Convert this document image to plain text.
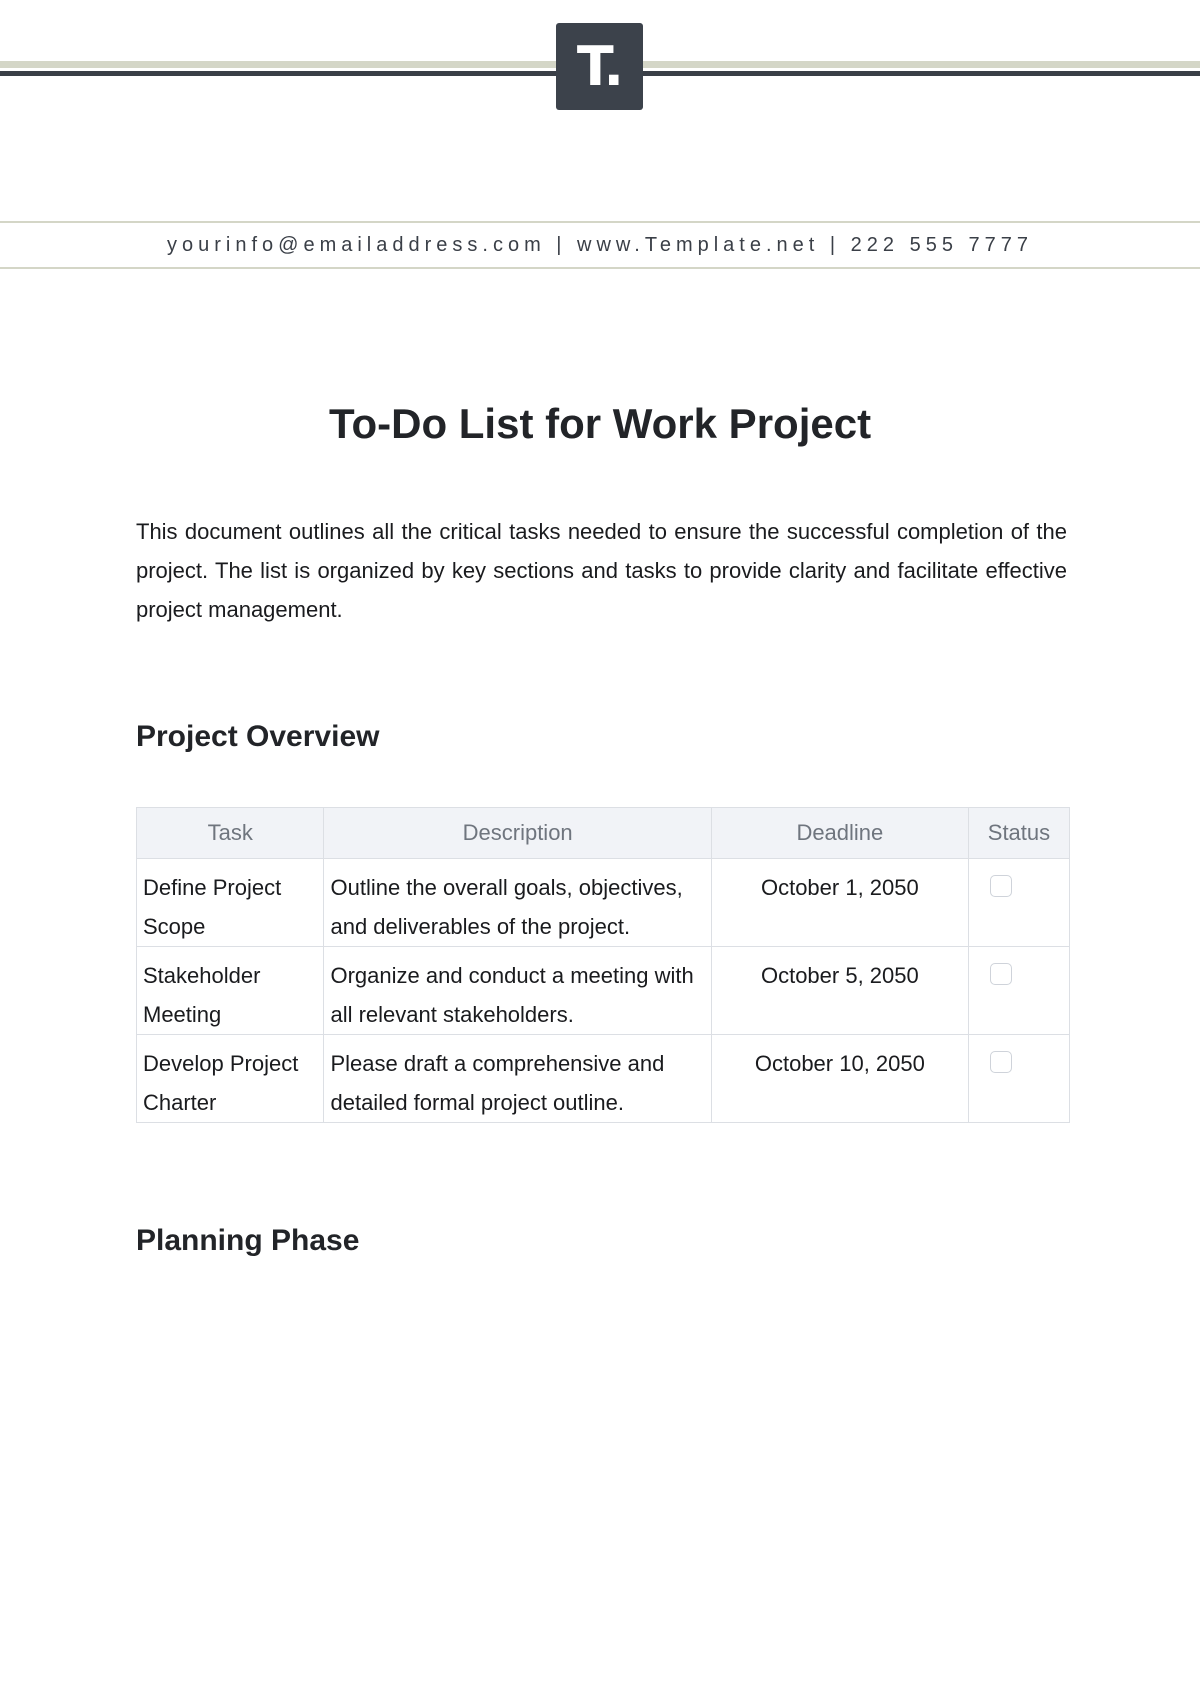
T.
yourinfo@emailaddress.com | www.Template.net | 222 555 7777
To-Do List for Work Project

This document outlines all the critical tasks needed to ensure the successful completion of the project. The list is organized by key sections and tasks to provide clarity and facilitate effective project management.

Project Overview
Task	Description	Deadline	Status
Define Project Scope	Outline the overall goals, objectives, and deliverables of the project.	October 1, 2050	

Stakeholder Meeting	Organize and conduct a meeting with all relevant stakeholders.	October 5, 2050	

Develop Project Charter	Please draft a comprehensive and detailed formal project outline.	October 10, 2050	
Planning Phase
